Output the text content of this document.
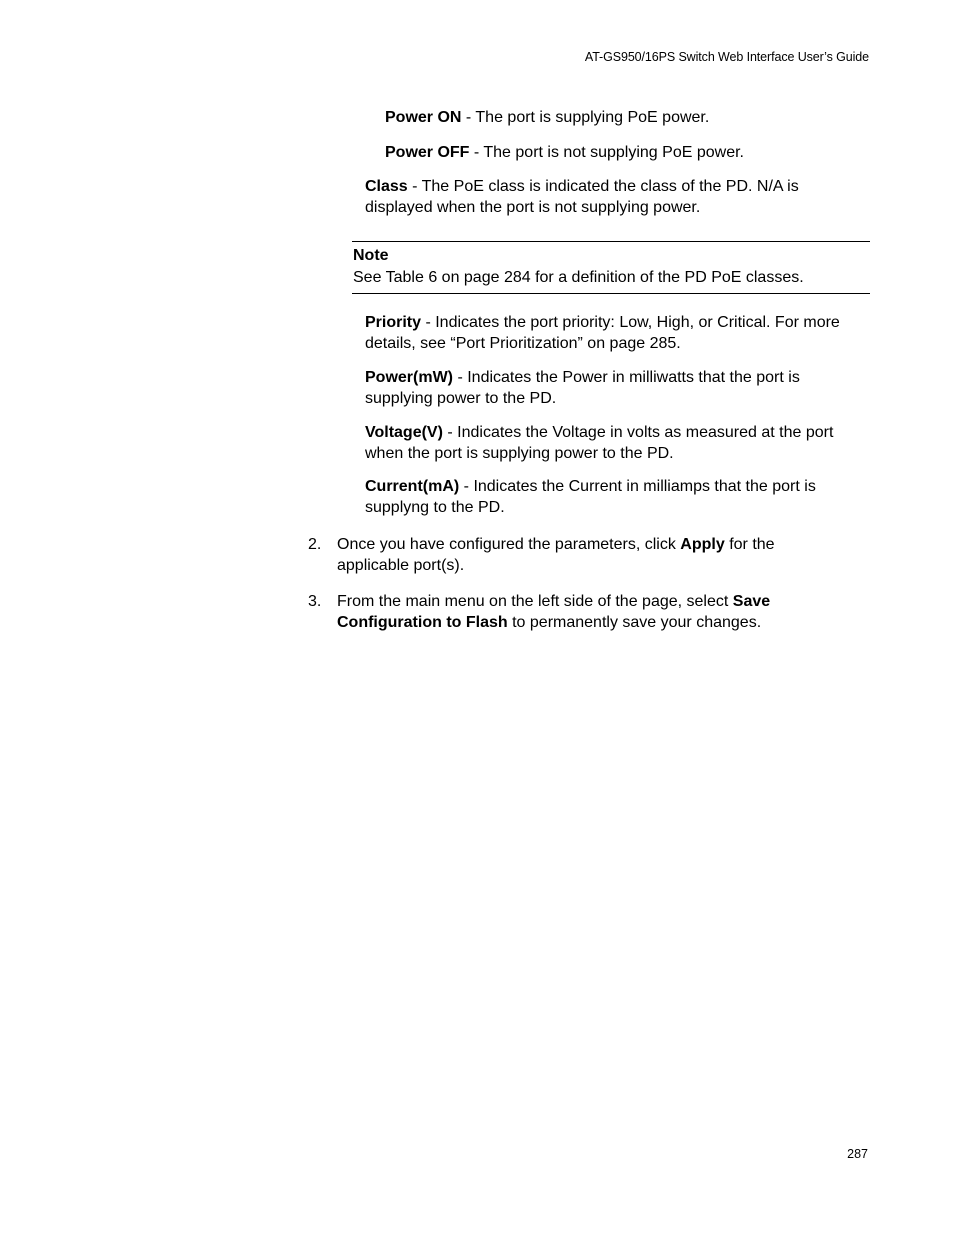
AT-GS950/16PS Switch Web Interface User’s Guide
Power ON - The port is supplying PoE power.
Power OFF - The port is not supplying PoE power.
Class - The PoE class is indicated the class of the PD. N/A is displayed when the port is not supplying power.
Note
See Table 6 on page 284 for a definition of the PD PoE classes.
Priority - Indicates the port priority: Low, High, or Critical. For more details, see “Port Prioritization” on page 285.
Power(mW) - Indicates the Power in milliwatts that the port is supplying power to the PD.
Voltage(V) - Indicates the Voltage in volts as measured at the port when the port is supplying power to the PD.
Current(mA) - Indicates the Current in milliamps that the port is supplyng to the PD.
2. Once you have configured the parameters, click Apply for the applicable port(s).
3. From the main menu on the left side of the page, select Save Configuration to Flash to permanently save your changes.
287
